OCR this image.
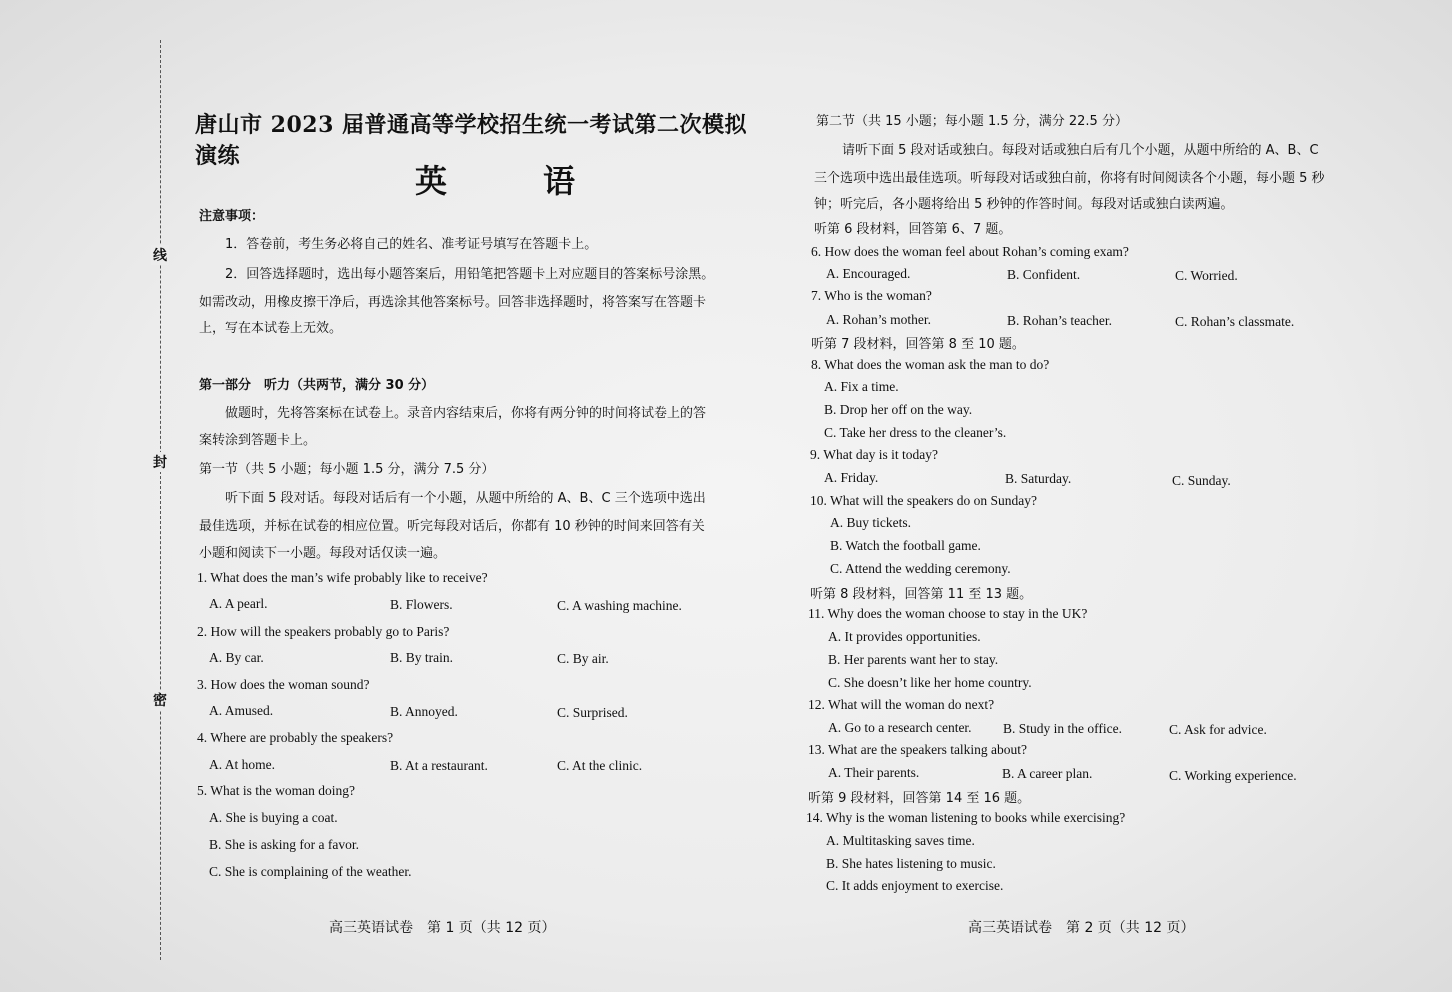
线
封
密
唐山市 2023 届普通高等学校招生统一考试第二次模拟演练
英　语
注意事项：
1．答卷前，考生务必将自己的姓名、准考证号填写在答题卡上。
2．回答选择题时，选出每小题答案后，用铅笔把答题卡上对应题目的答案标号涂黑。
如需改动，用橡皮擦干净后，再选涂其他答案标号。回答非选择题时，将答案写在答题卡
上，写在本试卷上无效。
第一部分　听力（共两节，满分 30 分）
做题时，先将答案标在试卷上。录音内容结束后，你将有两分钟的时间将试卷上的答
案转涂到答题卡上。
第一节（共 5 小题；每小题 1.5 分，满分 7.5 分）
听下面 5 段对话。每段对话后有一个小题，从题中所给的 A、B、C 三个选项中选出
最佳选项，并标在试卷的相应位置。听完每段对话后，你都有 10 秒钟的时间来回答有关
小题和阅读下一小题。每段对话仅读一遍。
1. What does the man’s wife probably like to receive?
A. A pearl.	B. Flowers.	C. A washing machine.
2. How will the speakers probably go to Paris?
A. By car.	B. By train.	C. By air.
3. How does the woman sound?
A. Amused.	B. Annoyed.	C. Surprised.
4. Where are probably the speakers?
A. At home.	B. At a restaurant.	C. At the clinic.
5. What is the woman doing?
A. She is buying a coat.
B. She is asking for a favor.
C. She is complaining of the weather.
高三英语试卷　第 1 页（共 12 页）
第二节（共 15 小题；每小题 1.5 分，满分 22.5 分）
请听下面 5 段对话或独白。每段对话或独白后有几个小题，从题中所给的 A、B、C
三个选项中选出最佳选项。听每段对话或独白前，你将有时间阅读各个小题，每小题 5 秒
钟；听完后，各小题将给出 5 秒钟的作答时间。每段对话或独白读两遍。
听第 6 段材料，回答第 6、7 题。
6. How does the woman feel about Rohan’s coming exam?
A. Encouraged.	B. Confident.	C. Worried.
7. Who is the woman?
A. Rohan’s mother.	B. Rohan’s teacher.	C. Rohan’s classmate.
听第 7 段材料，回答第 8 至 10 题。
8. What does the woman ask the man to do?
A. Fix a time.
B. Drop her off on the way.
C. Take her dress to the cleaner’s.
9. What day is it today?
A. Friday.	B. Saturday.	C. Sunday.
10. What will the speakers do on Sunday?
A. Buy tickets.
B. Watch the football game.
C. Attend the wedding ceremony.
听第 8 段材料，回答第 11 至 13 题。
11. Why does the woman choose to stay in the UK?
A. It provides opportunities.
B. Her parents want her to stay.
C. She doesn’t like her home country.
12. What will the woman do next?
A. Go to a research center. B. Study in the office.	C. Ask for advice.
13. What are the speakers talking about?
A. Their parents.	B. A career plan.	C. Working experience.
听第 9 段材料，回答第 14 至 16 题。
14. Why is the woman listening to books while exercising?
A. Multitasking saves time.
B. She hates listening to music.
C. It adds enjoyment to exercise.
高三英语试卷　第 2 页（共 12 页）
